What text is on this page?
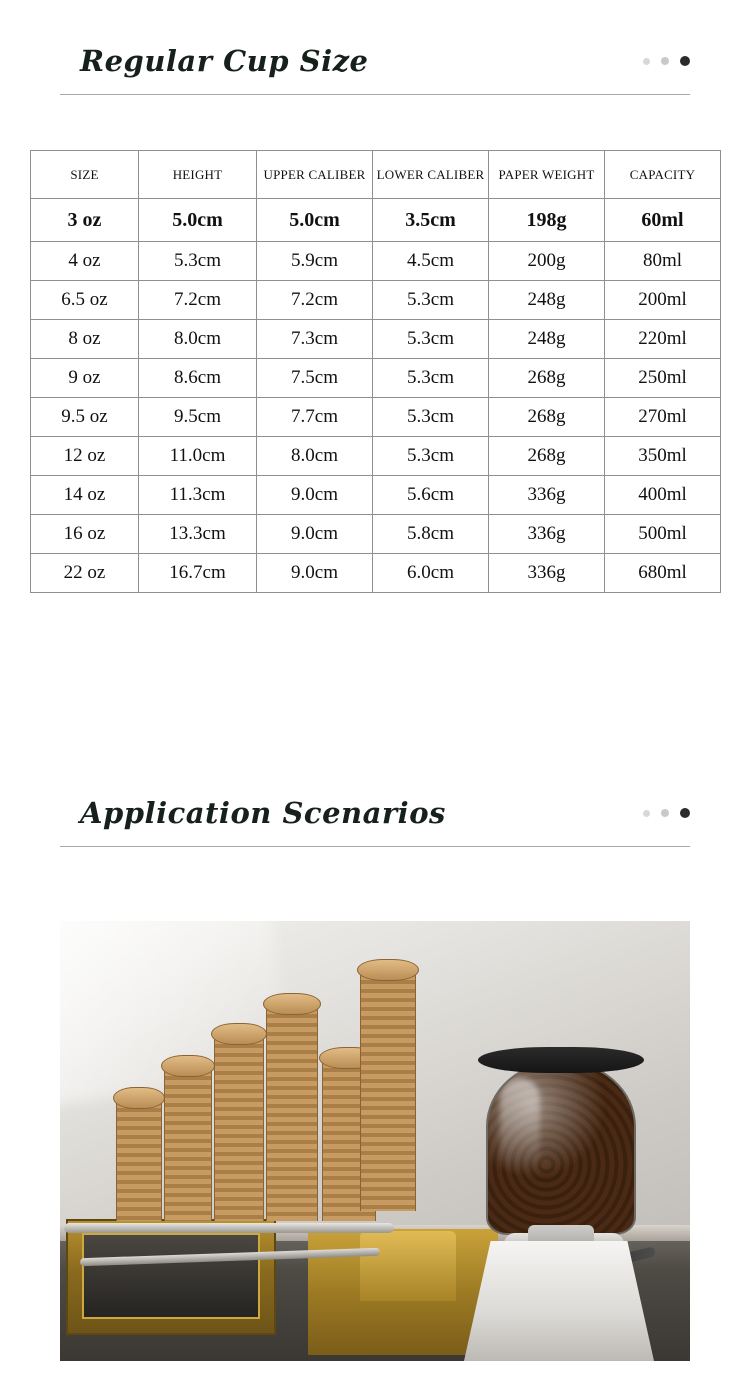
Regular Cup Size
SIZE	HEIGHT	UPPER CALIBER	LOWER CALIBER	PAPER WEIGHT	CAPACITY
3 oz	5.0cm	5.0cm	3.5cm	198g	60ml
4 oz	5.3cm	5.9cm	4.5cm	200g	80ml
6.5 oz	7.2cm	7.2cm	5.3cm	248g	200ml
8 oz	8.0cm	7.3cm	5.3cm	248g	220ml
9 oz	8.6cm	7.5cm	5.3cm	268g	250ml
9.5 oz	9.5cm	7.7cm	5.3cm	268g	270ml
12 oz	11.0cm	8.0cm	5.3cm	268g	350ml
14 oz	11.3cm	9.0cm	5.6cm	336g	400ml
16 oz	13.3cm	9.0cm	5.8cm	336g	500ml
22 oz	16.7cm	9.0cm	6.0cm	336g	680ml
Application Scenarios
